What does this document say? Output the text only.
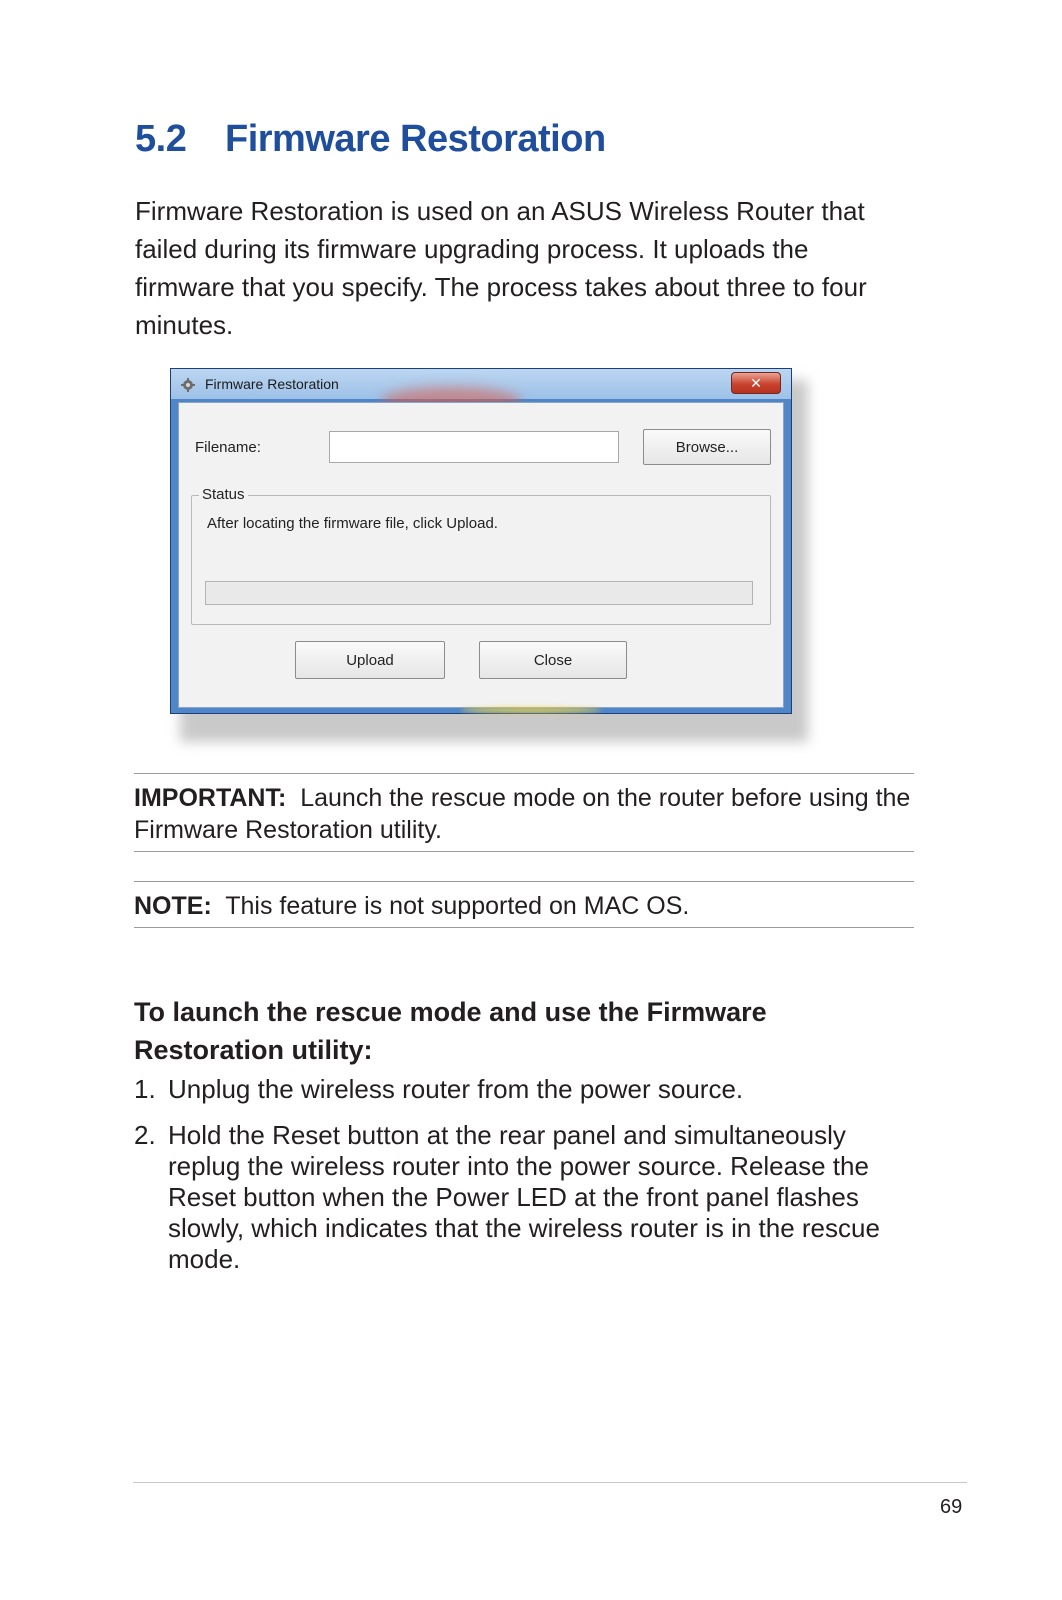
5.2 Firmware Restoration

Firmware Restoration is used on an ASUS Wireless Router that failed during its firmware upgrading process. It uploads the firmware that you specify. The process takes about three to four minutes.

Firmware Restoration	✕
Filename:	Browse...
Status
After locating the firmware file, click Upload.
Upload	Close

IMPORTANT: Launch the rescue mode on the router before using the Firmware Restoration utility.

NOTE: This feature is not supported on MAC OS.

To launch the rescue mode and use the Firmware Restoration utility:

1. Unplug the wireless router from the power source.
2. Hold the Reset button at the rear panel and simultaneously replug the wireless router into the power source. Release the Reset button when the Power LED at the front panel flashes slowly, which indicates that the wireless router is in the rescue mode.
69
